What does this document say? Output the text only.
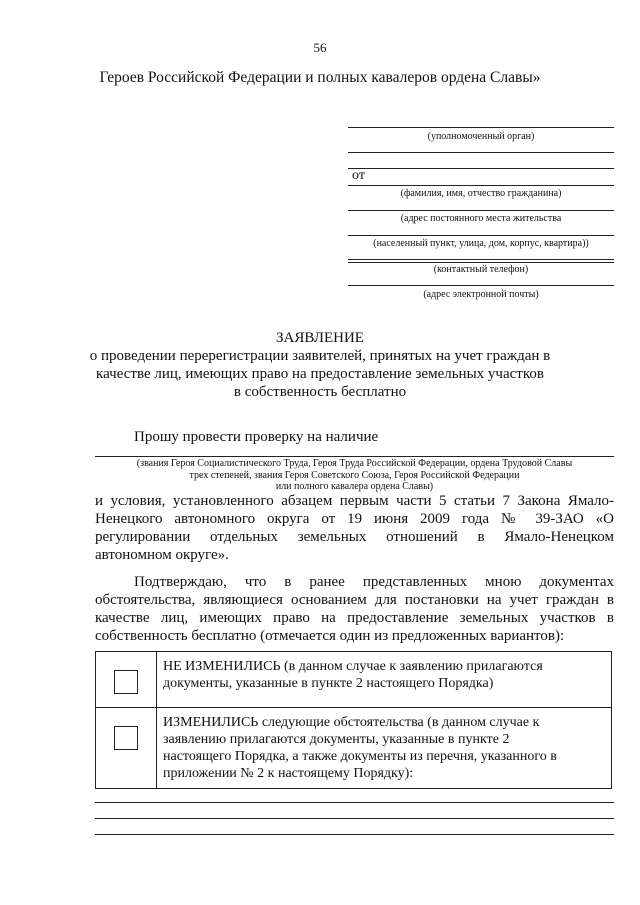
56
Героев Российской Федерации и полных кавалеров ордена Славы»
(уполномоченный орган)
от
(фамилия, имя, отчество гражданина)
(адрес постоянного места жительства
(населенный пункт, улица, дом, корпус, квартира))
(контактный телефон)
(адрес электронной почты)
ЗАЯВЛЕНИЕ
о проведении перерегистрации заявителей, принятых на учет граждан в
качестве лиц, имеющих право на предоставление земельных участков
в собственность бесплатно
Прошу провести проверку на наличие
(звания Героя Социалистического Труда, Героя Труда Российской Федерации, ордена Трудовой Славы
трех степеней, звания Героя Советского Союза, Героя Российской Федерации
или полного кавалера ордена Славы)
и условия, установленного абзацем первым части 5 статьи 7 Закона Ямало-
Ненецкого автономного округа от 19 июня 2009 года № 39-ЗАО «О
регулировании отдельных земельных отношений в Ямало-Ненецком
автономном округе».
Подтверждаю, что в ранее представленных мною документах
обстоятельства, являющиеся основанием для постановки на учет граждан в
качестве лиц, имеющих право на предоставление земельных участков в
собственность бесплатно (отмечается один из предложенных вариантов):

	НЕ ИЗМЕНИЛИСЬ (в данном случае к заявлению прилагаются
документы, указанные в пункте 2 настоящего Порядка)

	ИЗМЕНИЛИСЬ следующие обстоятельства (в данном случае к
заявлению прилагаются документы, указанные в пункте 2
настоящего Порядка, а также документы из перечня, указанного в
приложении № 2 к настоящему Порядку):
